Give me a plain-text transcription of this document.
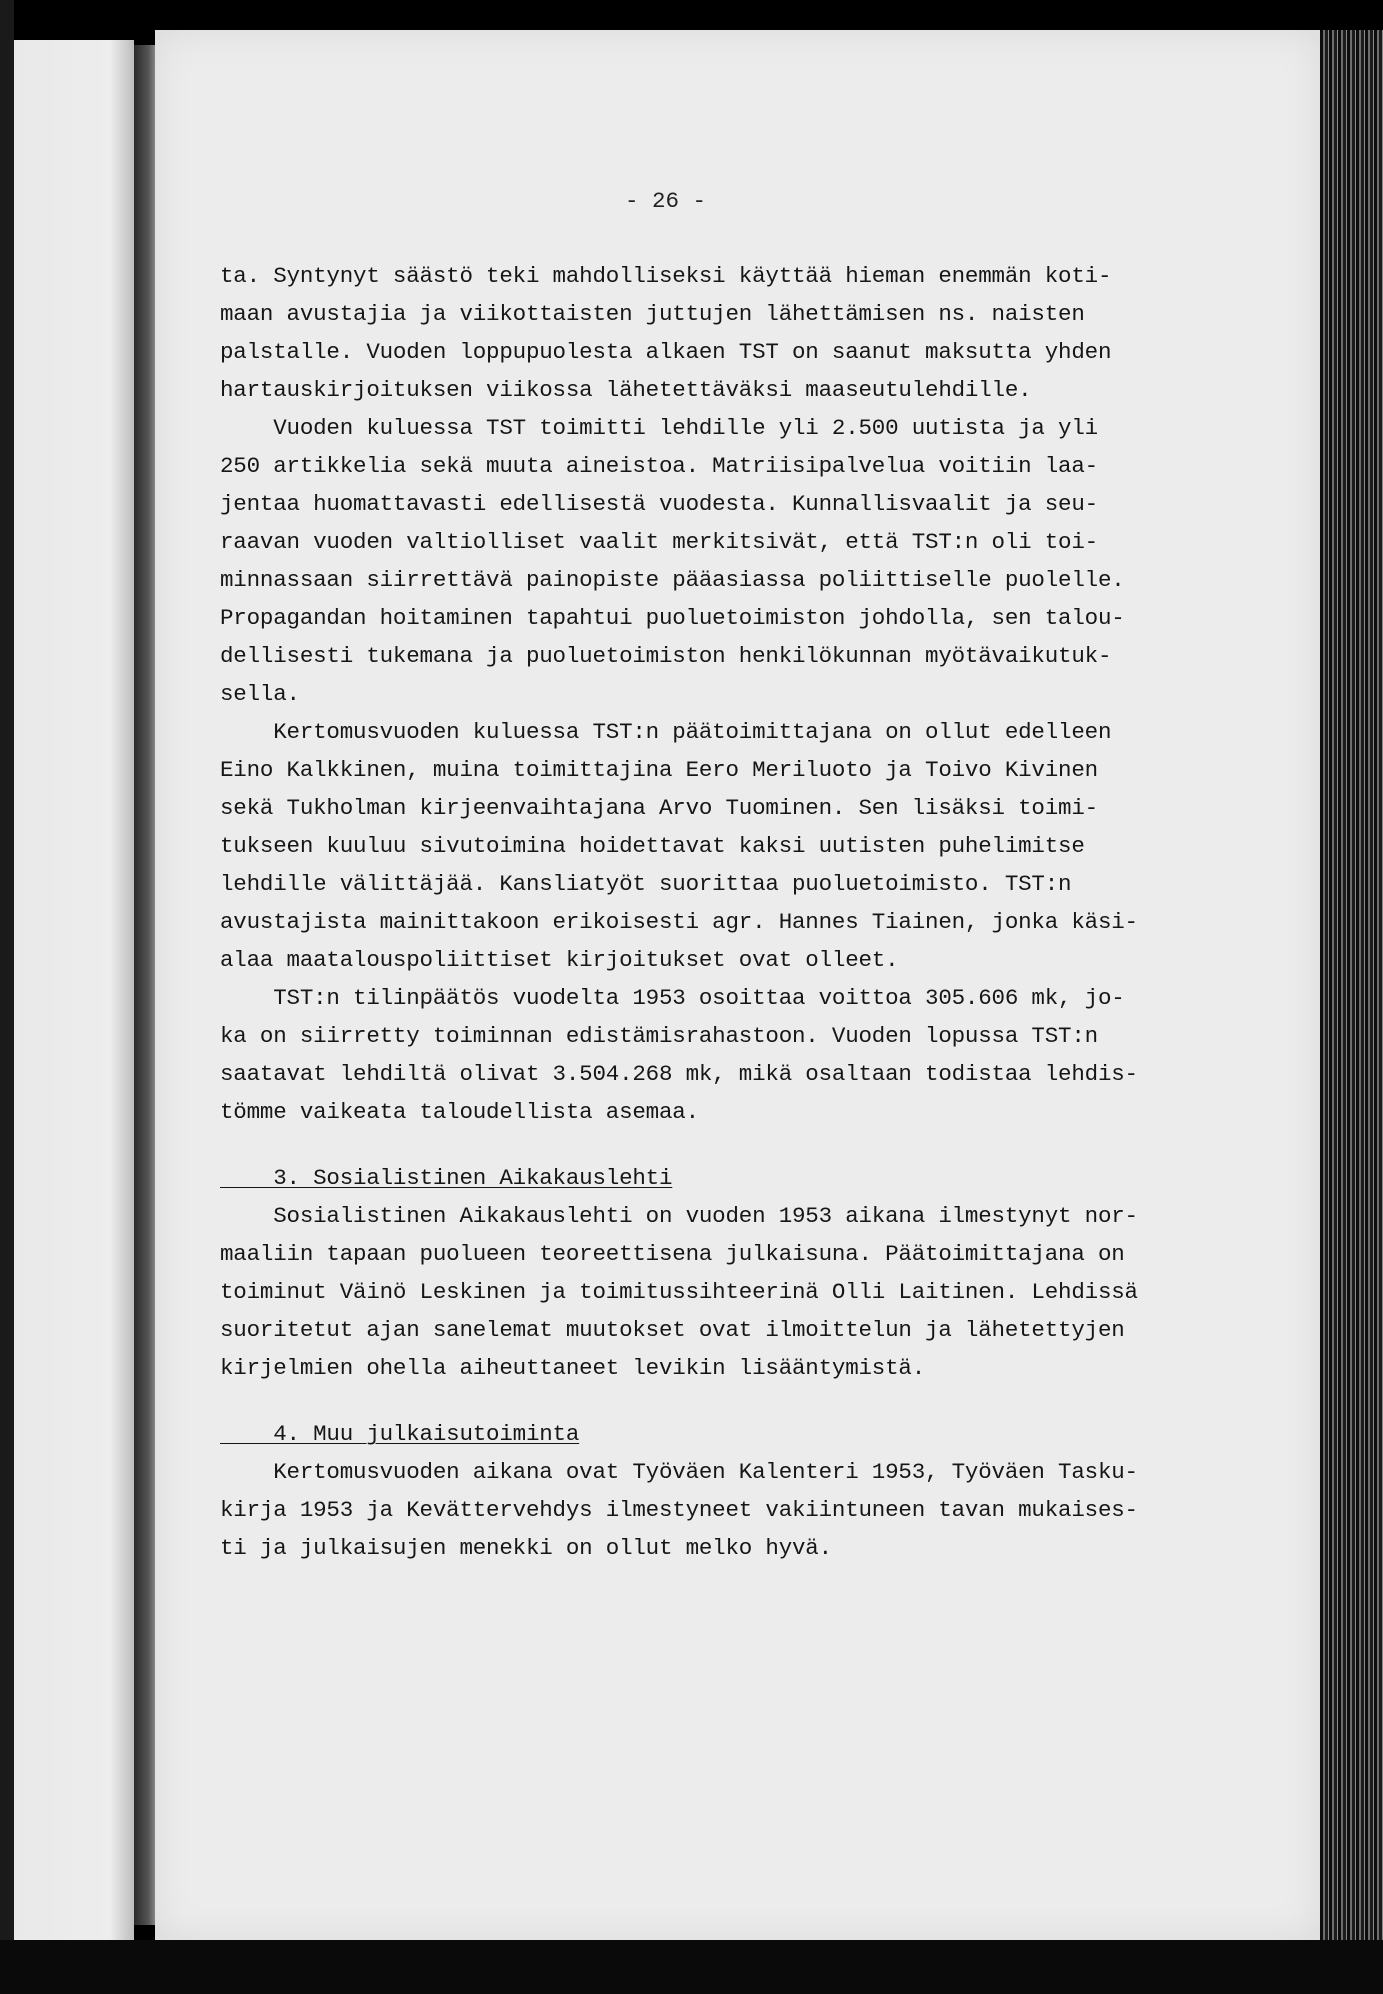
- 26 -
ta. Syntynyt säästö teki mahdolliseksi käyttää hieman enemmän koti-
maan avustajia ja viikottaisten juttujen lähettämisen ns. naisten
palstalle. Vuoden loppupuolesta alkaen TST on saanut maksutta yhden
hartauskirjoituksen viikossa lähetettäväksi maaseutulehdille.
Vuoden kuluessa TST toimitti lehdille yli 2.500 uutista ja yli
250 artikkelia sekä muuta aineistoa. Matriisipalvelua voitiin laa-
jentaa huomattavasti edellisestä vuodesta. Kunnallisvaalit ja seu-
raavan vuoden valtiolliset vaalit merkitsivät, että TST:n oli toi-
minnassaan siirrettävä painopiste pääasiassa poliittiselle puolelle.
Propagandan hoitaminen tapahtui puoluetoimiston johdolla, sen talou-
dellisesti tukemana ja puoluetoimiston henkilökunnan myötävaikutuk-
sella.
Kertomusvuoden kuluessa TST:n päätoimittajana on ollut edelleen
Eino Kalkkinen, muina toimittajina Eero Meriluoto ja Toivo Kivinen
sekä Tukholman kirjeenvaihtajana Arvo Tuominen. Sen lisäksi toimi-
tukseen kuuluu sivutoimina hoidettavat kaksi uutisten puhelimitse
lehdille välittäjää. Kansliatyöt suorittaa puoluetoimisto. TST:n
avustajista mainittakoon erikoisesti agr. Hannes Tiainen, jonka käsi-
alaa maatalouspoliittiset kirjoitukset ovat olleet.
TST:n tilinpäätös vuodelta 1953 osoittaa voittoa 305.606 mk, jo-
ka on siirretty toiminnan edistämisrahastoon. Vuoden lopussa TST:n
saatavat lehdiltä olivat 3.504.268 mk, mikä osaltaan todistaa lehdis-
tömme vaikeata taloudellista asemaa.
3. Sosialistinen Aikakauslehti
Sosialistinen Aikakauslehti on vuoden 1953 aikana ilmestynyt nor-
maaliin tapaan puolueen teoreettisena julkaisuna. Päätoimittajana on
toiminut Väinö Leskinen ja toimitussihteerinä Olli Laitinen. Lehdissä
suoritetut ajan sanelemat muutokset ovat ilmoittelun ja lähetettyjen
kirjelmien ohella aiheuttaneet levikin lisääntymistä.
4. Muu julkaisutoiminta
Kertomusvuoden aikana ovat Työväen Kalenteri 1953, Työväen Tasku-
kirja 1953 ja Kevättervehdys ilmestyneet vakiintuneen tavan mukaises-
ti ja julkaisujen menekki on ollut melko hyvä.
